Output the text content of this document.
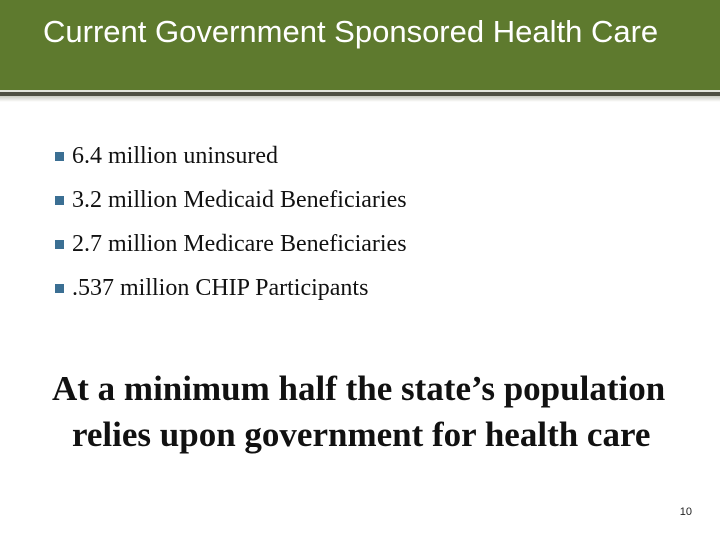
Current Government Sponsored Health Care
6.4 million uninsured
3.2 million Medicaid Beneficiaries
2.7 million Medicare Beneficiaries
.537 million CHIP Participants
At a minimum half the state’s population relies upon government for health care
10
